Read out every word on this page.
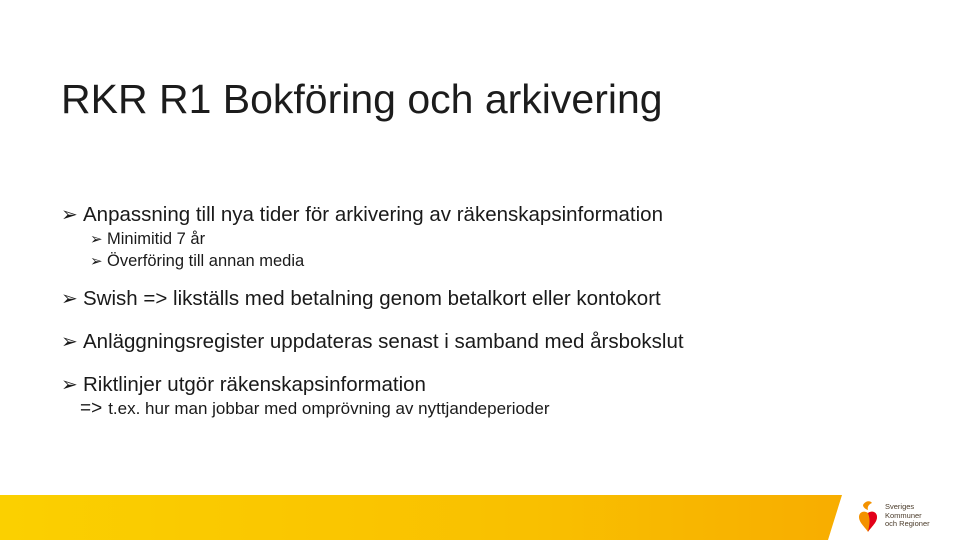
RKR R1 Bokföring och arkivering
➢ Anpassning till nya tider för arkivering av räkenskapsinformation
➢ Minimitid 7 år
➢ Överföring till annan media
➢ Swish => likställs med betalning genom betalkort eller kontokort
➢ Anläggningsregister uppdateras senast i samband med årsbokslut
➢ Riktlinjer utgör räkenskapsinformation
=> t.ex. hur man jobbar med omprövning av nyttjandeperioder
Sveriges
Kommuner
och Regioner
